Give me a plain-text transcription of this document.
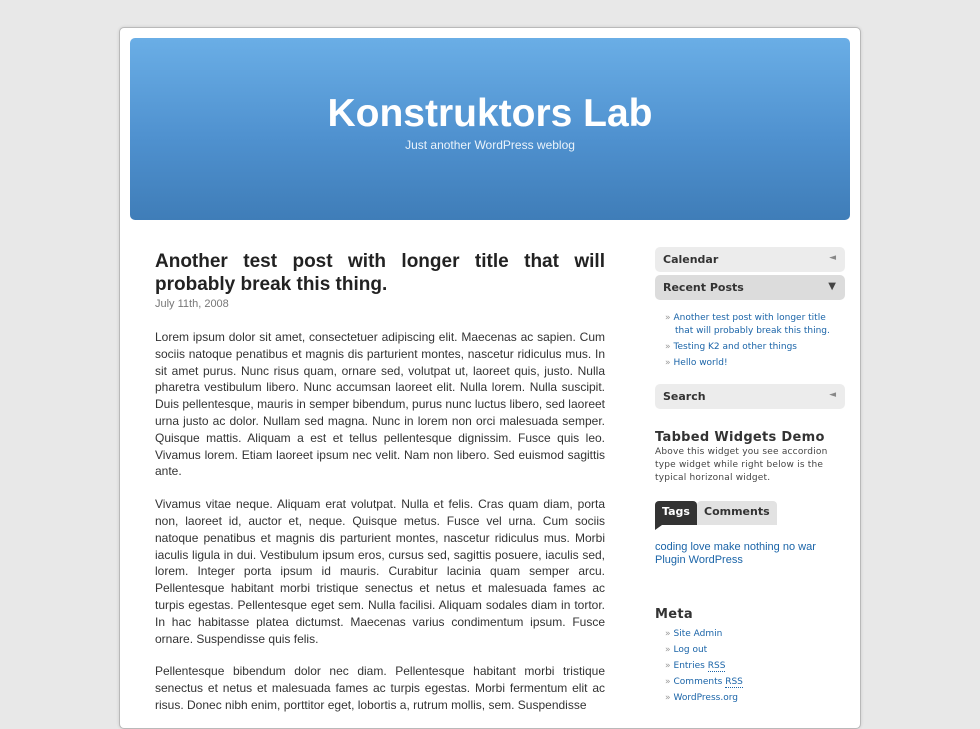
Konstruktors Lab
Just another WordPress weblog
Another test post with longer title that will probably break this thing.
July 11th, 2008

Lorem ipsum dolor sit amet, consectetuer adipiscing elit. Maecenas ac sapien. Cum sociis natoque penatibus et magnis dis parturient montes, nascetur ridiculus mus. In sit amet purus. Nunc risus quam, ornare sed, volutpat ut, laoreet quis, justo. Nulla pharetra vestibulum libero. Nunc accumsan laoreet elit. Nulla lorem. Nulla suscipit. Duis pellentesque, mauris in semper bibendum, purus nunc luctus libero, sed laoreet urna justo ac dolor. Nullam sed magna. Nunc in lorem non orci malesuada semper. Quisque mattis. Aliquam a est et tellus pellentesque dignissim. Fusce quis leo. Vivamus lorem. Etiam laoreet ipsum nec velit. Nam non libero. Sed euismod sagittis ante.

Vivamus vitae neque. Aliquam erat volutpat. Nulla et felis. Cras quam diam, porta non, laoreet id, auctor et, neque. Quisque metus. Fusce vel urna. Cum sociis natoque penatibus et magnis dis parturient montes, nascetur ridiculus mus. Morbi iaculis ligula in dui. Vestibulum ipsum eros, cursus sed, sagittis posuere, iaculis sed, lorem. Integer porta ipsum id mauris. Curabitur lacinia quam semper arcu. Pellentesque habitant morbi tristique senectus et netus et malesuada fames ac turpis egestas. Pellentesque eget sem. Nulla facilisi. Aliquam sodales diam in tortor. In hac habitasse platea dictumst. Maecenas varius condimentum ipsum. Fusce ornare. Suspendisse quis felis.

Pellentesque bibendum dolor nec diam. Pellentesque habitant morbi tristique senectus et netus et malesuada fames ac turpis egestas. Morbi fermentum elit ac risus. Donec nibh enim, porttitor eget, lobortis a, rutrum mollis, sem. Suspendisse

Calendar	◄
Recent Posts	▼
» Another test post with longer title that will probably break this thing.
» Testing K2 and other things
» Hello world!
Search	◄
Tabbed Widgets Demo
Above this widget you see accordion type widget while right below is the typical horizonal widget.
Tags	Comments
coding love make nothing no war Plugin WordPress
Meta
» Site Admin
» Log out
» Entries RSS
» Comments RSS
» WordPress.org
